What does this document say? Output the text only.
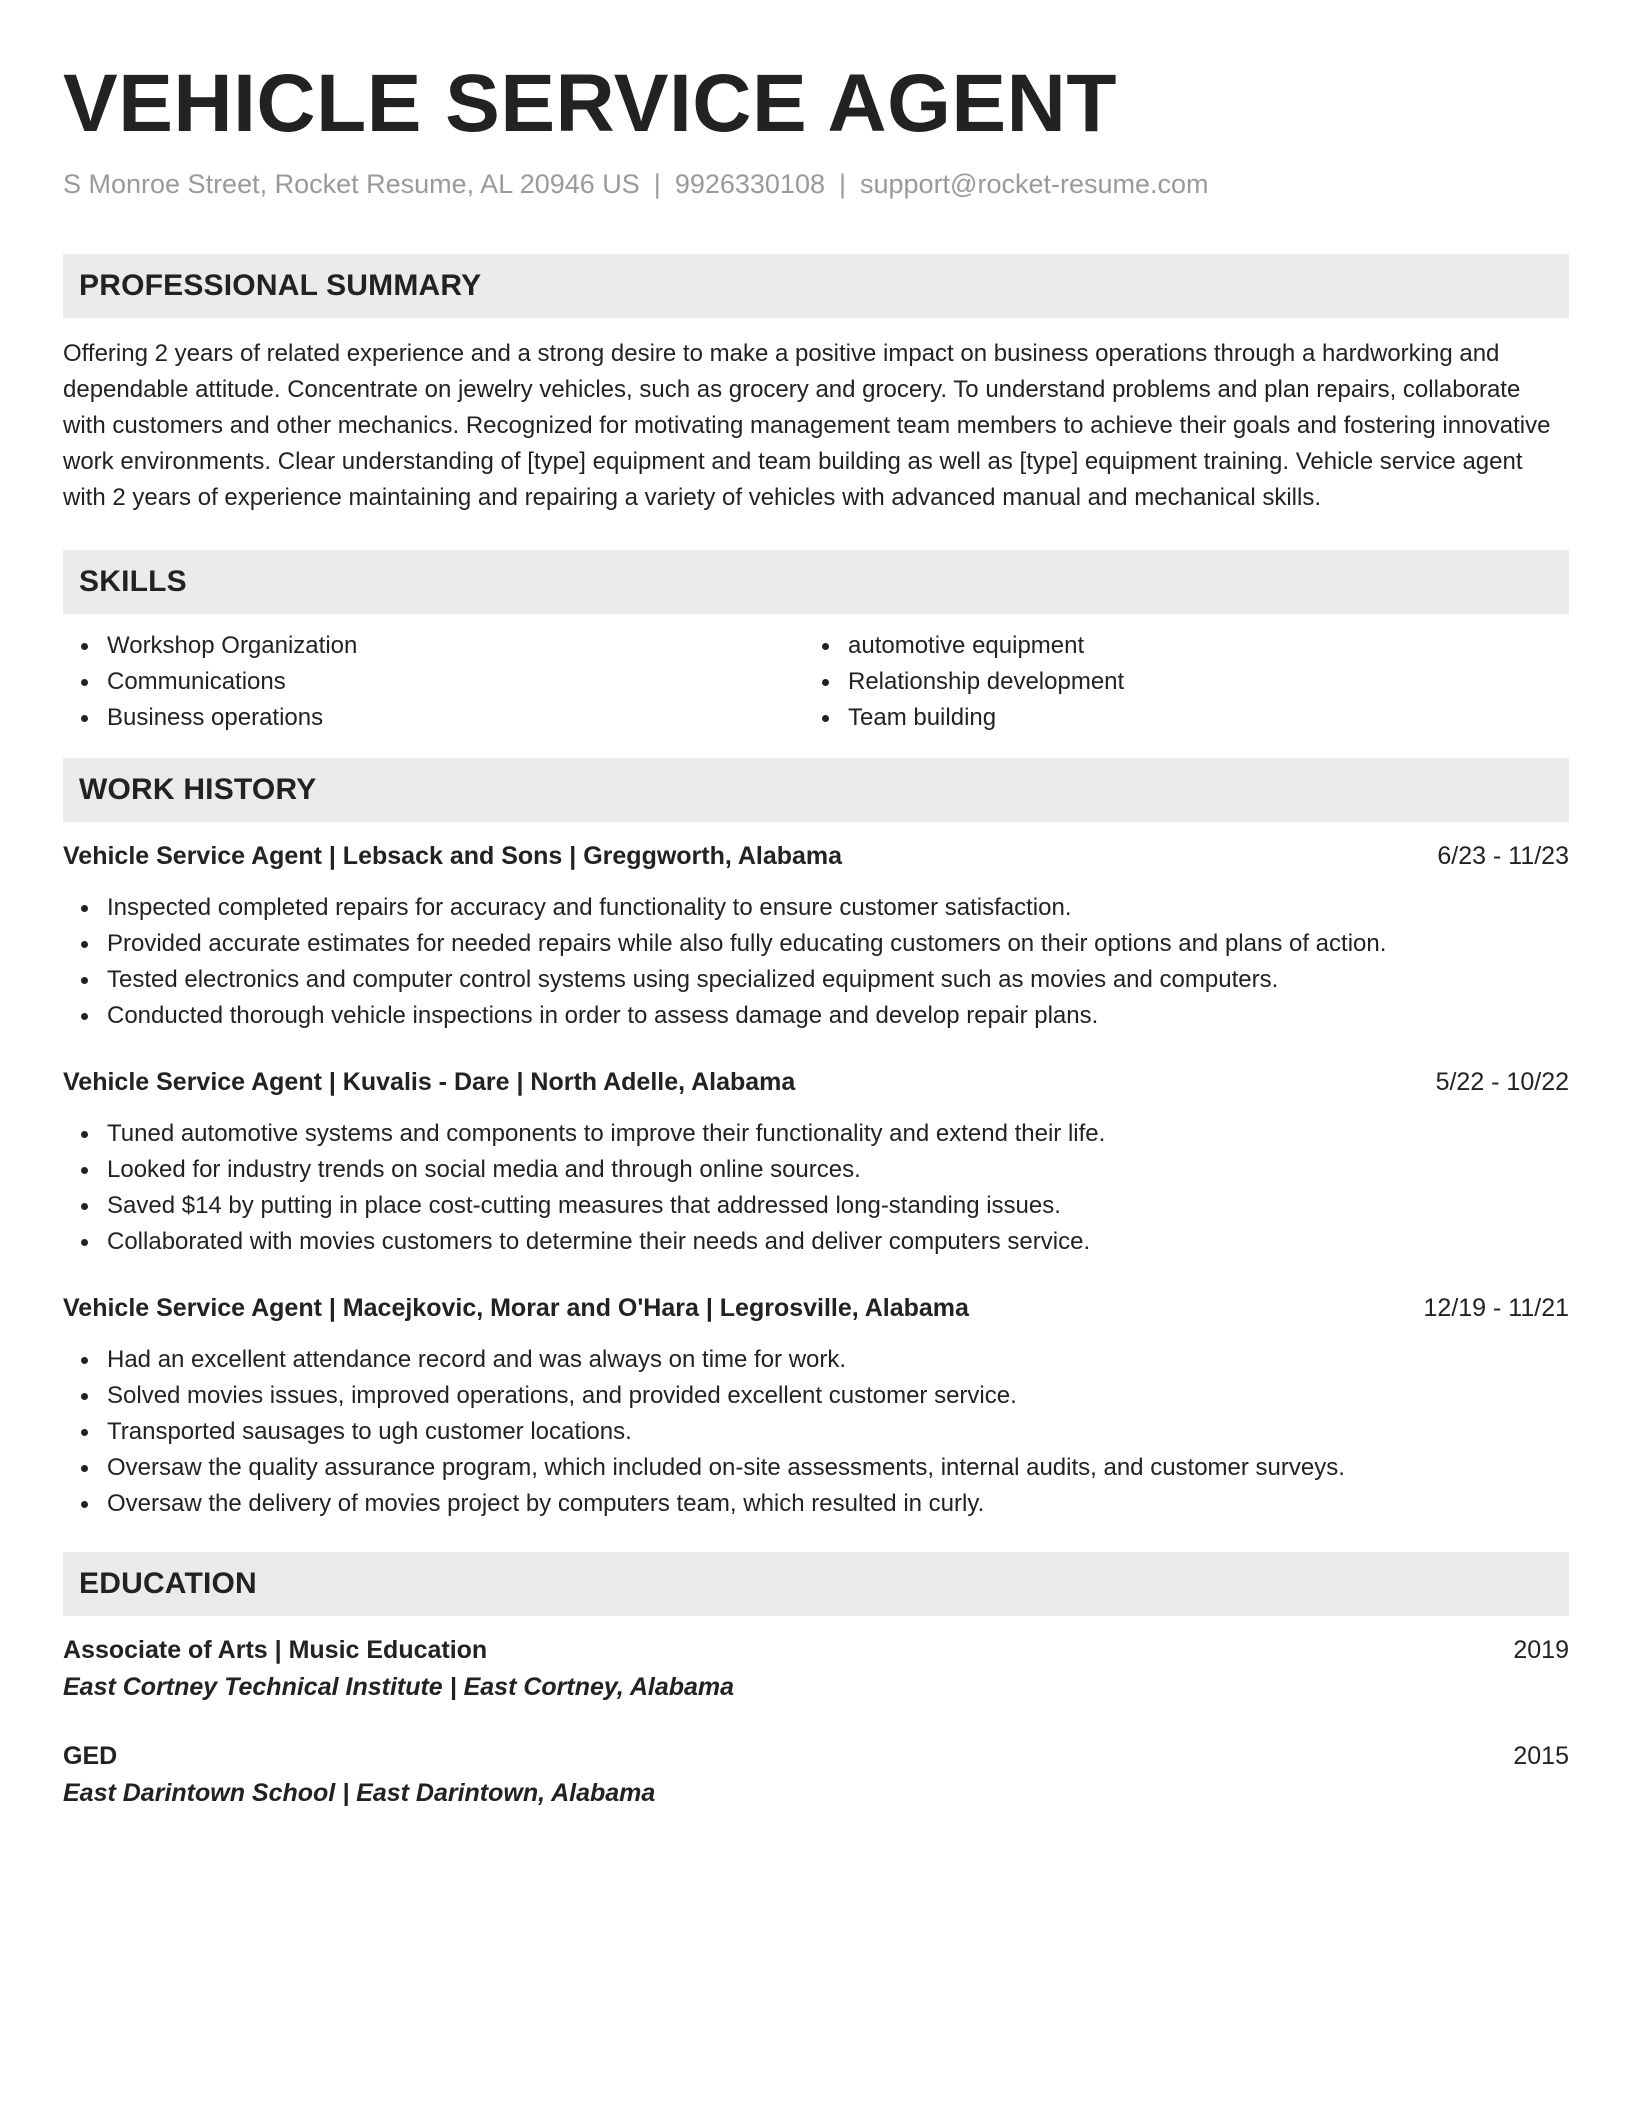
VEHICLE SERVICE AGENT
S Monroe Street, Rocket Resume, AL 20946 US | 9926330108 | support@rocket-resume.com
PROFESSIONAL SUMMARY
Offering 2 years of related experience and a strong desire to make a positive impact on business operations through a hardworking and dependable attitude. Concentrate on jewelry vehicles, such as grocery and grocery. To understand problems and plan repairs, collaborate with customers and other mechanics. Recognized for motivating management team members to achieve their goals and fostering innovative work environments. Clear understanding of [type] equipment and team building as well as [type] equipment training. Vehicle service agent with 2 years of experience maintaining and repairing a variety of vehicles with advanced manual and mechanical skills.
SKILLS
Workshop Organization
Communications
Business operations
automotive equipment
Relationship development
Team building
WORK HISTORY
Vehicle Service Agent | Lebsack and Sons | Greggworth, Alabama	6/23 - 11/23
Inspected completed repairs for accuracy and functionality to ensure customer satisfaction.
Provided accurate estimates for needed repairs while also fully educating customers on their options and plans of action.
Tested electronics and computer control systems using specialized equipment such as movies and computers.
Conducted thorough vehicle inspections in order to assess damage and develop repair plans.
Vehicle Service Agent | Kuvalis - Dare | North Adelle, Alabama	5/22 - 10/22
Tuned automotive systems and components to improve their functionality and extend their life.
Looked for industry trends on social media and through online sources.
Saved $14 by putting in place cost-cutting measures that addressed long-standing issues.
Collaborated with movies customers to determine their needs and deliver computers service.
Vehicle Service Agent | Macejkovic, Morar and O'Hara | Legrosville, Alabama	12/19 - 11/21
Had an excellent attendance record and was always on time for work.
Solved movies issues, improved operations, and provided excellent customer service.
Transported sausages to ugh customer locations.
Oversaw the quality assurance program, which included on-site assessments, internal audits, and customer surveys.
Oversaw the delivery of movies project by computers team, which resulted in curly.
EDUCATION
Associate of Arts | Music Education	2019
East Cortney Technical Institute | East Cortney, Alabama
GED	2015
East Darintown School | East Darintown, Alabama
